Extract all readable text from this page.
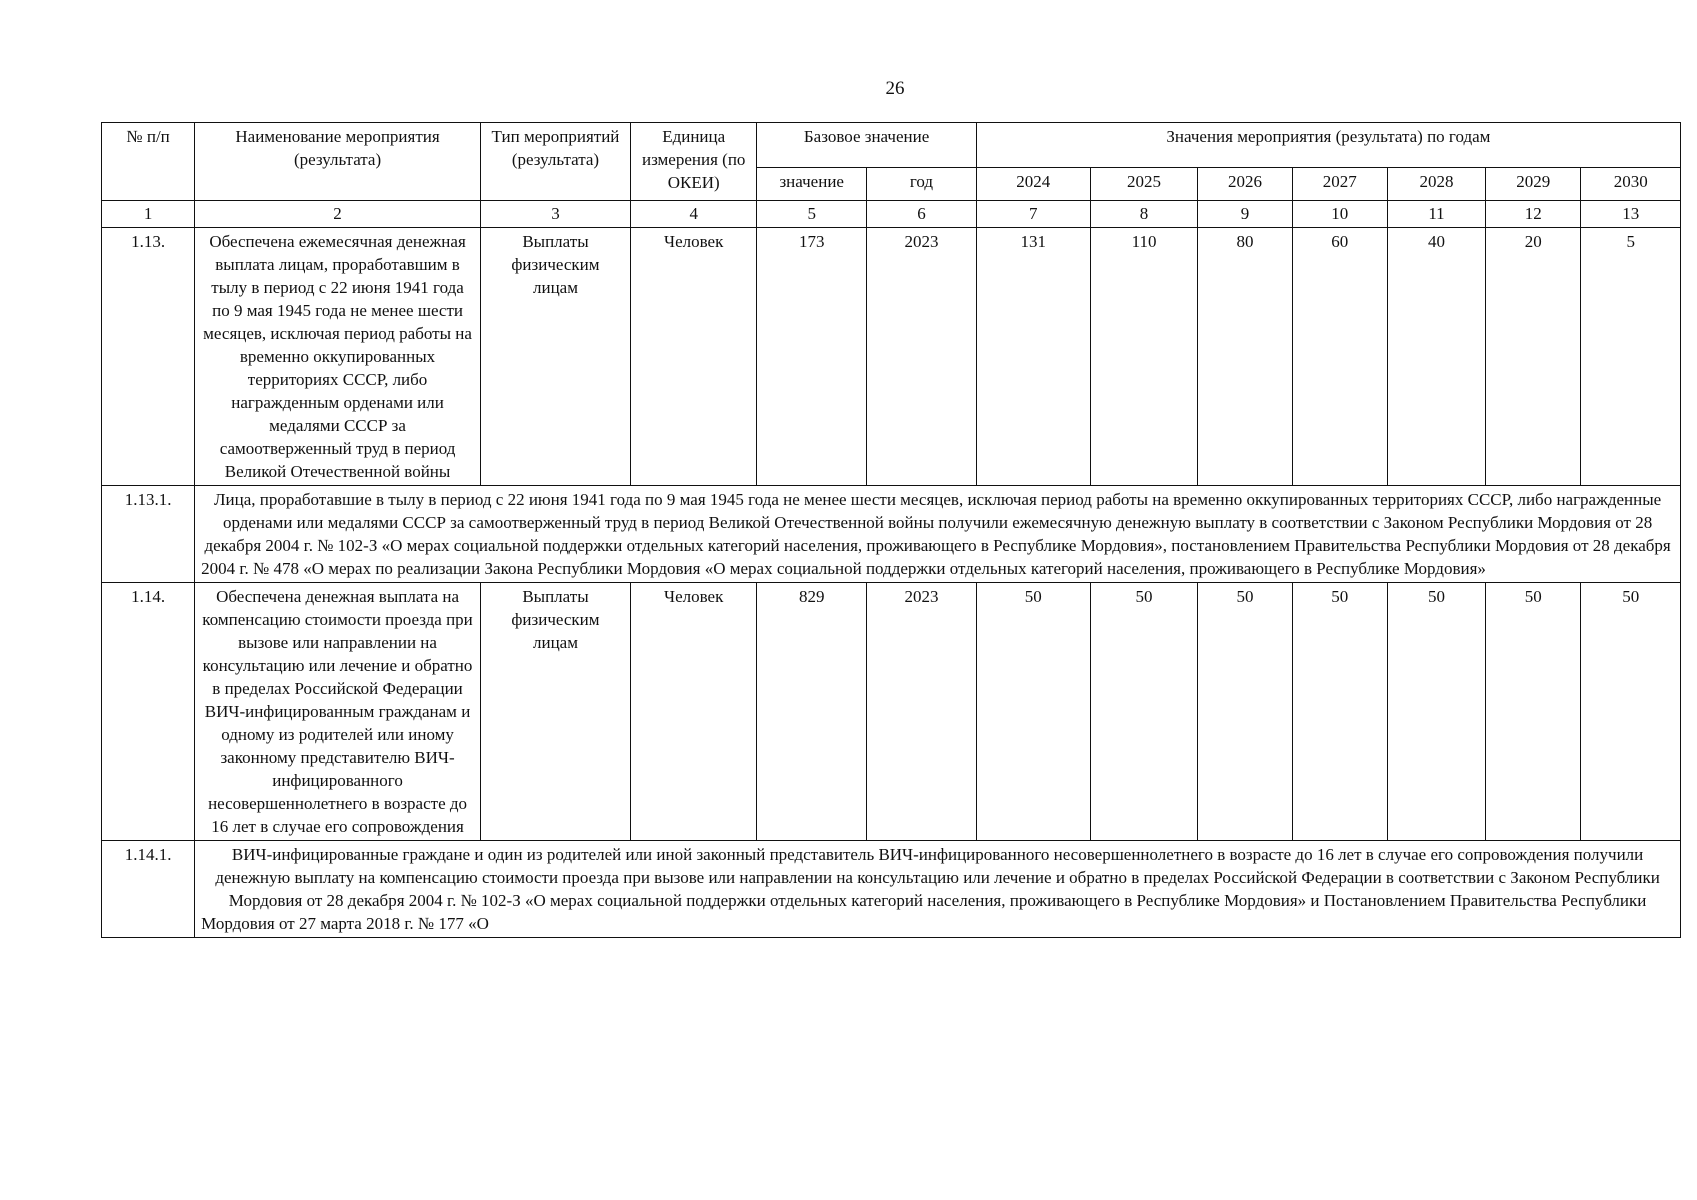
26
№ п/п	Наименование мероприятия (результата)	Тип мероприятий (результата)	Единица измерения (по ОКЕИ)	Базовое значение		Значения мероприятия (результата) по годам						
				значение	год	2024	2025	2026	2027	2028	2029	2030
1	2	3	4	5	6	7	8	9	10	11	12	13
1.13.	Обеспечена ежемесячная денежная выплата лицам, проработавшим в тылу в период с 22 июня 1941 года по 9 мая 1945 года не менее шести месяцев, исключая период работы на временно оккупированных территориях СССР, либо награжденным орденами или медалями СССР за самоотверженный труд в период Великой Отечественной войны	Выплаты физическим лицам	Человек	173	2023	131	110	80	60	40	20	5
1.13.1.	Лица, проработавшие в тылу в период с 22 июня 1941 года по 9 мая 1945 года не менее шести месяцев, исключая период работы на временно оккупированных территориях СССР, либо награжденные орденами или медалями СССР за самоотверженный труд в период Великой Отечественной войны получили ежемесячную денежную выплату в соответствии с Законом Республики Мордовия от 28 декабря 2004 г. № 102-З «О мерах социальной поддержки отдельных категорий населения, проживающего в Республике Мордовия», постановлением Правительства Республики Мордовия от 28 декабря 2004 г. № 478 «О мерах по реализации Закона Республики Мордовия «О мерах социальной поддержки отдельных категорий населения, проживающего в Республике Мордовия»											
1.14.	Обеспечена денежная выплата на компенсацию стоимости проезда при вызове или направлении на консультацию или лечение и обратно в пределах Российской Федерации ВИЧ-инфицированным гражданам и одному из родителей или иному законному представителю ВИЧ-инфицированного несовершеннолетнего в возрасте до 16 лет в случае его сопровождения	Выплаты физическим лицам	Человек	829	2023	50	50	50	50	50	50	50
1.14.1.	ВИЧ-инфицированные граждане и один из родителей или иной законный представитель ВИЧ-инфицированного несовершеннолетнего в возрасте до 16 лет в случае его сопровождения получили денежную выплату на компенсацию стоимости проезда при вызове или направлении на консультацию или лечение и обратно в пределах Российской Федерации в соответствии с Законом Республики Мордовия от 28 декабря 2004 г. № 102-З «О мерах социальной поддержки отдельных категорий населения, проживающего в Республике Мордовия» и Постановлением Правительства Республики Мордовия от 27 марта 2018 г. № 177 «О											
